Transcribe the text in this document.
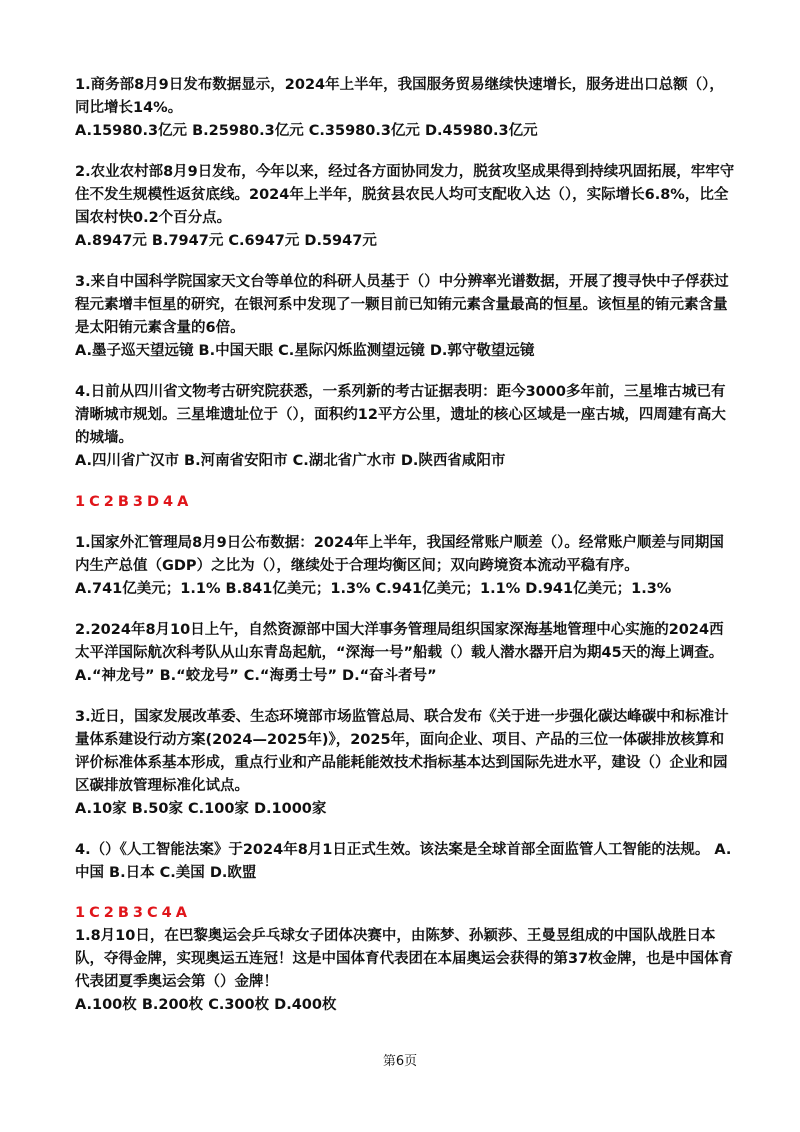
1.商务部8月9日发布数据显示，2024年上半年，我国服务贸易继续快速增长，服务进出口总额（），同比增长14%。

A.15980.3亿元 B.25980.3亿元 C.35980.3亿元 D.45980.3亿元

2.农业农村部8月9日发布，今年以来，经过各方面协同发力，脱贫攻坚成果得到持续巩固拓展，牢牢守住不发生规模性返贫底线。2024年上半年，脱贫县农民人均可支配收入达（），实际增长6.8%，比全国农村快0.2个百分点。

A.8947元 B.7947元 C.6947元 D.5947元

3.来自中国科学院国家天文台等单位的科研人员基于（）中分辨率光谱数据，开展了搜寻快中子俘获过程元素增丰恒星的研究，在银河系中发现了一颗目前已知铕元素含量最高的恒星。该恒星的铕元素含量是太阳铕元素含量的6倍。

A.墨子巡天望远镜 B.中国天眼 C.星际闪烁监测望远镜 D.郭守敬望远镜

4.日前从四川省文物考古研究院获悉，一系列新的考古证据表明：距今3000多年前，三星堆古城已有清晰城市规划。三星堆遗址位于（），面积约12平方公里，遗址的核心区域是一座古城，四周建有高大的城墙。

A.四川省广汉市 B.河南省安阳市 C.湖北省广水市 D.陕西省咸阳市

1C2B3D4A

1.国家外汇管理局8月9日公布数据：2024年上半年，我国经常账户顺差（）。经常账户顺差与同期国内生产总值（GDP）之比为（），继续处于合理均衡区间；双向跨境资本流动平稳有序。

A.741亿美元；1.1% B.841亿美元；1.3% C.941亿美元；1.1% D.941亿美元；1.3%

2.2024年8月10日上午，自然资源部中国大洋事务管理局组织国家深海基地管理中心实施的2024西太平洋国际航次科考队从山东青岛起航，“深海一号”船载（）载人潜水器开启为期45天的海上调查。

A.“神龙号” B.“蛟龙号” C.“海勇士号” D.“奋斗者号”

3.近日，国家发展改革委、生态环境部市场监管总局、联合发布《关于进一步强化碳达峰碳中和标准计量体系建设行动方案(2024—2025年)》，2025年，面向企业、项目、产品的三位一体碳排放核算和评价标准体系基本形成，重点行业和产品能耗能效技术指标基本达到国际先进水平，建设（）企业和园区碳排放管理标准化试点。

A.10家 B.50家 C.100家 D.1000家

4.（）《人工智能法案》于2024年8月1日正式生效。该法案是全球首部全面监管人工智能的法规。 A.中国 B.日本 C.美国 D.欧盟

1C2B3C4A

1.8月10日，在巴黎奥运会乒乓球女子团体决赛中，由陈梦、孙颖莎、王曼昱组成的中国队战胜日本队，夺得金牌，实现奥运五连冠！这是中国体育代表团在本届奥运会获得的第37枚金牌，也是中国体育代表团夏季奥运会第（）金牌！

A.100枚 B.200枚 C.300枚 D.400枚

第6页
